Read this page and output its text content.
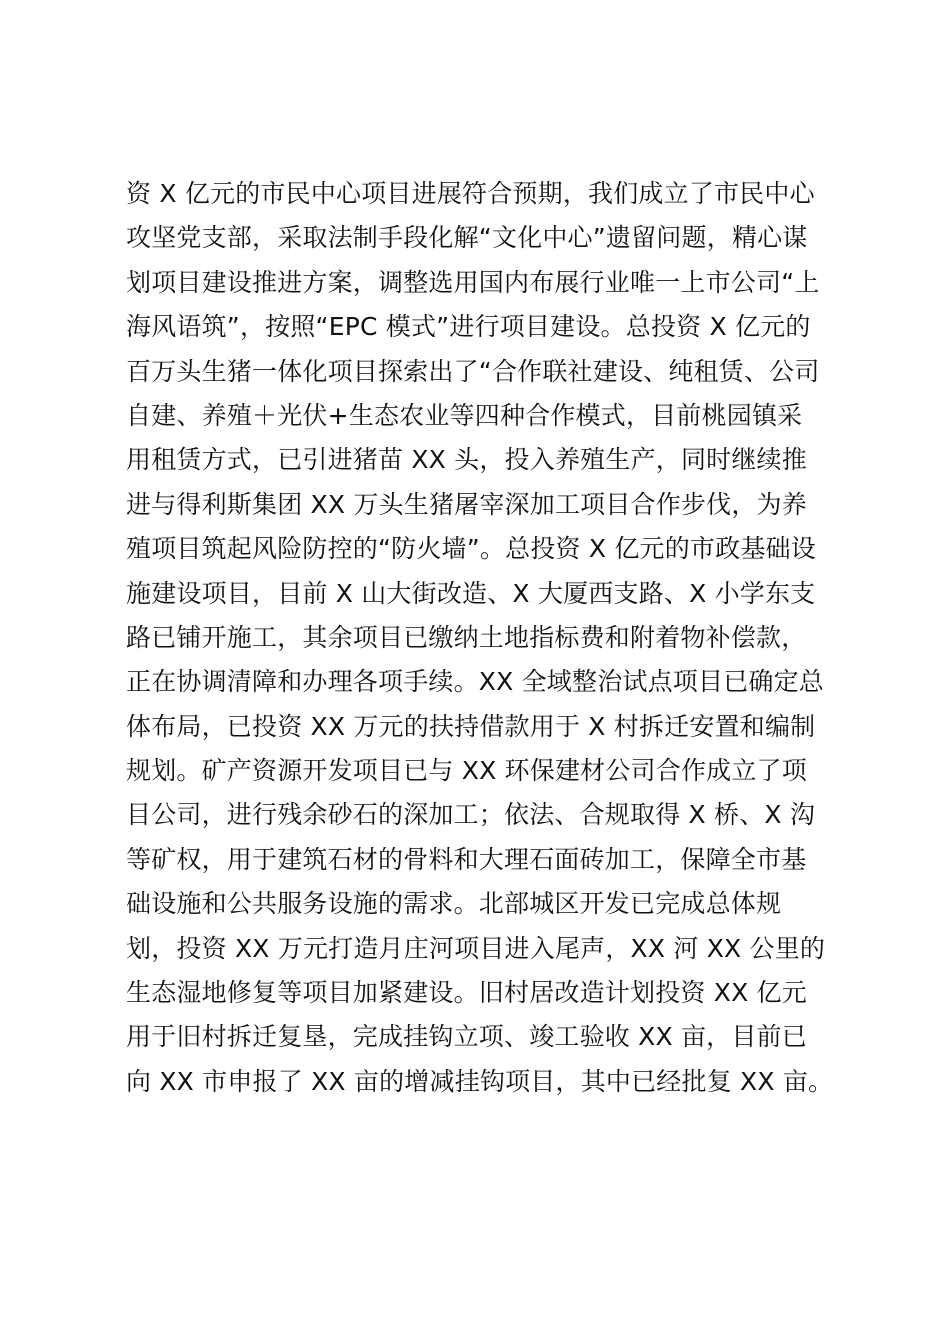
资 X 亿元的市民中心项目进展符合预期，我们成立了市民中心
攻坚党支部，采取法制手段化解“文化中心”遗留问题，精心谋
划项目建设推进方案，调整选用国内布展行业唯一上市公司“上
海风语筑”，按照“EPC 模式”进行项目建设。总投资 X 亿元的
百万头生猪一体化项目探索出了“合作联社建设、纯租赁、公司
自建、养殖＋光伏+生态农业等四种合作模式，目前桃园镇采
用租赁方式，已引进猪苗 XX 头，投入养殖生产，同时继续推
进与得利斯集团 XX 万头生猪屠宰深加工项目合作步伐，为养
殖项目筑起风险防控的“防火墙”。总投资 X 亿元的市政基础设
施建设项目，目前 X 山大街改造、X 大厦西支路、X 小学东支
路已铺开施工，其余项目已缴纳土地指标费和附着物补偿款，
正在协调清障和办理各项手续。XX 全域整治试点项目已确定总
体布局，已投资 XX 万元的扶持借款用于 X 村拆迁安置和编制
规划。矿产资源开发项目已与 XX 环保建材公司合作成立了项
目公司，进行残余砂石的深加工；依法、合规取得 X 桥、X 沟
等矿权，用于建筑石材的骨料和大理石面砖加工，保障全市基
础设施和公共服务设施的需求。北部城区开发已完成总体规
划，投资 XX 万元打造月庄河项目进入尾声，XX 河 XX 公里的
生态湿地修复等项目加紧建设。旧村居改造计划投资 XX 亿元
用于旧村拆迁复垦，完成挂钩立项、竣工验收 XX 亩，目前已
向 XX 市申报了 XX 亩的增减挂钩项目，其中已经批复 XX 亩。
